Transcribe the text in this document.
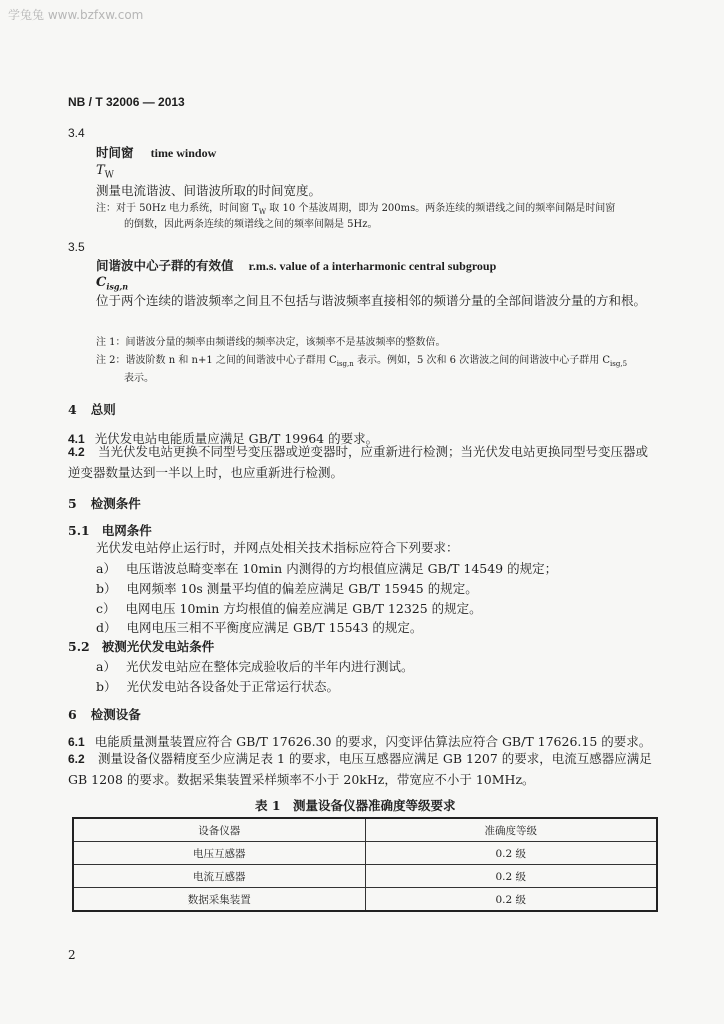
学兔兔 www.bzfxw.com
NB / T 32006 — 2013
3.4
时间窗 time window
$T_W$
测量电流谐波、间谐波所取的时间宽度。
注：对于 50Hz 电力系统，时间窗 $T_W$ 取 10 个基波周期，即为 200ms。两条连续的频谱线之间的频率间隔是时间窗
的倒数，因此两条连续的频谱线之间的频率间隔是 5Hz。
3.5
间谐波中心子群的有效值 r.m.s. value of a interharmonic central subgroup
$C_{isg,n}$
位于两个连续的谐波频率之间且不包括与谐波频率直接相邻的频谱分量的全部间谐波分量的方和根。
注 1：间谐波分量的频率由频谱线的频率决定，该频率不是基波频率的整数倍。
注 2：谐波阶数 n 和 n+1 之间的间谐波中心子群用 $C_{isg,n}$ 表示。例如，5 次和 6 次谐波之间的间谐波中心子群用 $C_{isg,5}$
表示。
4 总则
4.1 光伏发电站电能质量应满足 GB/T 19964 的要求。
4.2	当光伏发电站更换不同型号变压器或逆变器时，应重新进行检测；当光伏发电站更换同型号变压器或逆变器数量达到一半以上时，也应重新进行检测。
5 检测条件
5.1 电网条件
光伏发电站停止运行时，并网点处相关技术指标应符合下列要求：
a） 电压谐波总畸变率在 10min 内测得的方均根值应满足 GB/T 14549 的规定；
b） 电网频率 10s 测量平均值的偏差应满足 GB/T 15945 的规定。
c） 电网电压 10min 方均根值的偏差应满足 GB/T 12325 的规定。
d） 电网电压三相不平衡度应满足 GB/T 15543 的规定。
5.2 被测光伏发电站条件
a） 光伏发电站应在整体完成验收后的半年内进行测试。
b） 光伏发电站各设备处于正常运行状态。
6 检测设备
6.1 电能质量测量装置应符合 GB/T 17626.30 的要求，闪变评估算法应符合 GB/T 17626.15 的要求。
6.2	测量设备仪器精度至少应满足表 1 的要求，电压互感器应满足 GB 1207 的要求，电流互感器应满足 GB 1208 的要求。数据采集装置采样频率不小于 20kHz，带宽应不小于 10MHz。
表 1　测量设备仪器准确度等级要求
设备仪器	准确度等级
电压互感器	0.2 级
电流互感器	0.2 级
数据采集装置	0.2 级
2
